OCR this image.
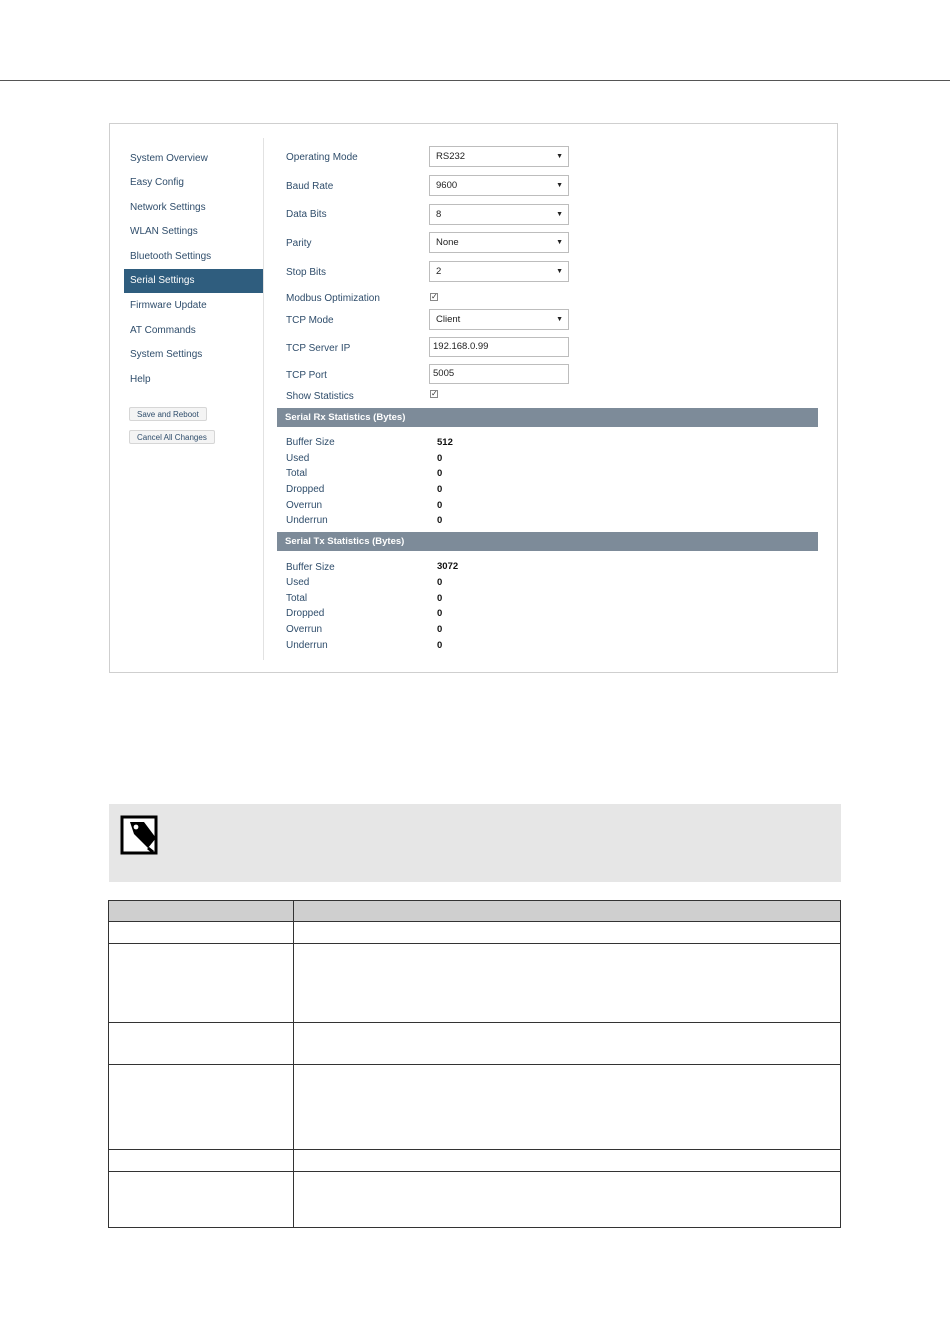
System Overview
Easy Config
Network Settings
WLAN Settings
Bluetooth Settings
Serial Settings
Firmware Update
AT Commands
System Settings
Help
Save and Reboot
Cancel All Changes
Operating Mode	RS232	▼
Baud Rate	9600	▼
Data Bits	8	▼
Parity	None	▼
Stop Bits	2	▼
Modbus Optimization	✓
TCP Mode	Client	▼
TCP Server IP	192.168.0.99
TCP Port	5005
Show Statistics	✓
Serial Rx Statistics (Bytes)
Buffer Size	512
Used	0
Total	0
Dropped	0
Overrun	0
Underrun	0
Serial Tx Statistics (Bytes)
Buffer Size	3072
Used	0
Total	0
Dropped	0
Overrun	0
Underrun	0
